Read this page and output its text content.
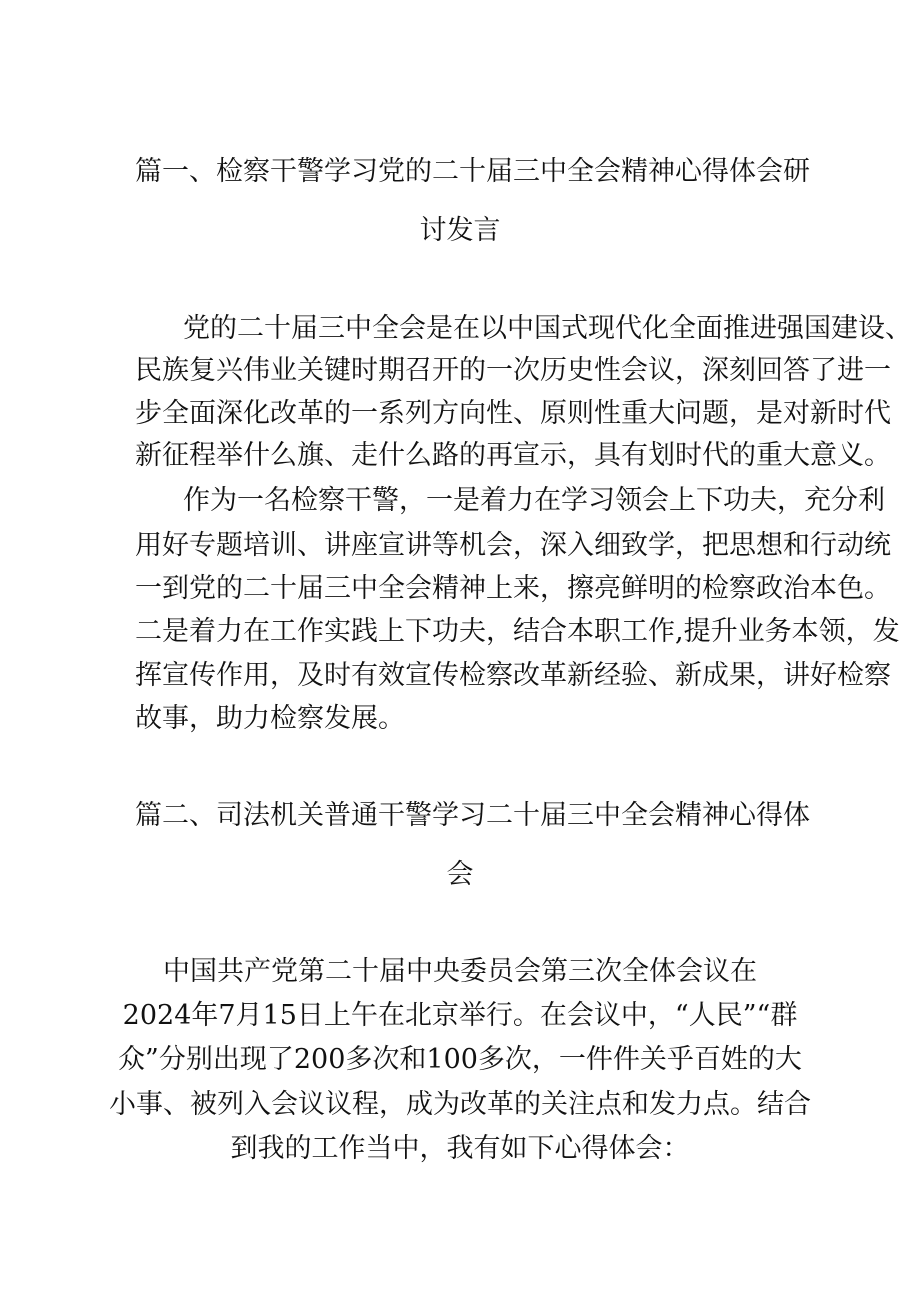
篇一、检察干警学习党的二十届三中全会精神心得体会研
讨发言

党的二十届三中全会是在以中国式现代化全面推进强国建设、

民族复兴伟业关键时期召开的一次历史性会议，深刻回答了进一

步全面深化改革的一系列方向性、原则性重大问题，是对新时代

新征程举什么旗、走什么路的再宣示，具有划时代的重大意义。

作为一名检察干警，一是着力在学习领会上下功夫，充分利

用好专题培训、讲座宣讲等机会，深入细致学，把思想和行动统

一到党的二十届三中全会精神上来，擦亮鲜明的检察政治本色。

二是着力在工作实践上下功夫，结合本职工作,提升业务本领，发

挥宣传作用，及时有效宣传检察改革新经验、新成果，讲好检察

故事，助力检察发展。

篇二、司法机关普通干警学习二十届三中全会精神心得体
会

中国共产党第二十届中央委员会第三次全体会议在

2024年7月15日上午在北京举行。在会议中，“人民”“群

众”分别出现了200多次和100多次，一件件关乎百姓的大

小事、被列入会议议程，成为改革的关注点和发力点。结合

到我的工作当中，我有如下心得体会：
